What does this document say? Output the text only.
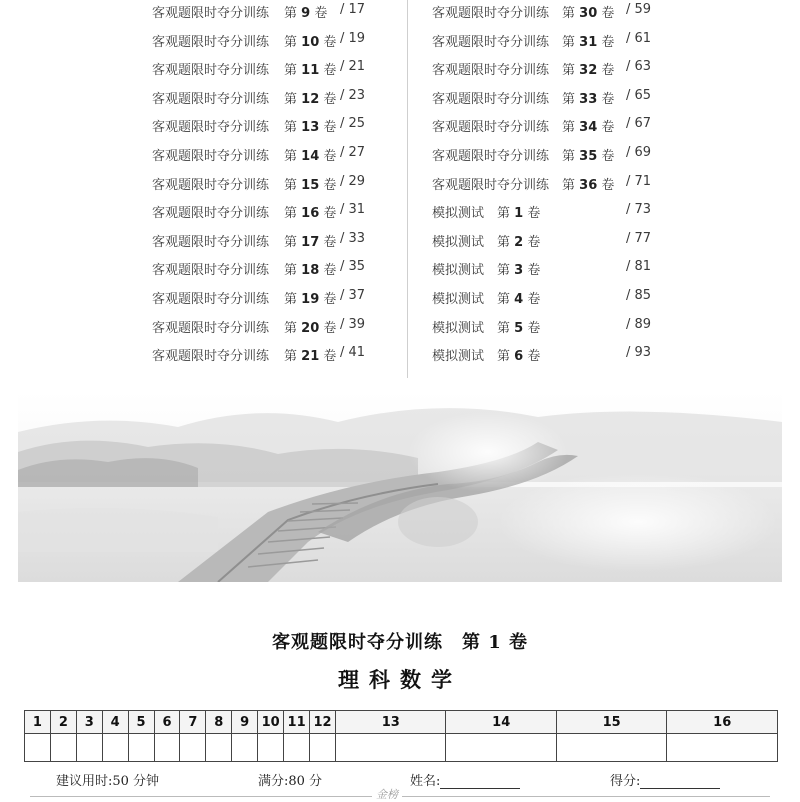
客观题限时夺分训练 第 9 卷 / 17
客观题限时夺分训练 第 10 卷 / 19
客观题限时夺分训练 第 11 卷 / 21
客观题限时夺分训练 第 12 卷 / 23
客观题限时夺分训练 第 13 卷 / 25
客观题限时夺分训练 第 14 卷 / 27
客观题限时夺分训练 第 15 卷 / 29
客观题限时夺分训练 第 16 卷 / 31
客观题限时夺分训练 第 17 卷 / 33
客观题限时夺分训练 第 18 卷 / 35
客观题限时夺分训练 第 19 卷 / 37
客观题限时夺分训练 第 20 卷 / 39
客观题限时夺分训练 第 21 卷 / 41
客观题限时夺分训练 第 30 卷 / 59
客观题限时夺分训练 第 31 卷 / 61
客观题限时夺分训练 第 32 卷 / 63
客观题限时夺分训练 第 33 卷 / 65
客观题限时夺分训练 第 34 卷 / 67
客观题限时夺分训练 第 35 卷 / 69
客观题限时夺分训练 第 36 卷 / 71
模拟测试 第 1 卷	/ 73
模拟测试 第 2 卷	/ 77
模拟测试 第 3 卷	/ 81
模拟测试 第 4 卷	/ 85
模拟测试 第 5 卷	/ 89
模拟测试 第 6 卷	/ 93
客观题限时夺分训练　第 1 卷
理科数学
1	2	3	4	5	6	7	8	9	10	11	12	13	14	15	16

建议用时:50 分钟	满分:80 分	姓名:	得分:
金榜
